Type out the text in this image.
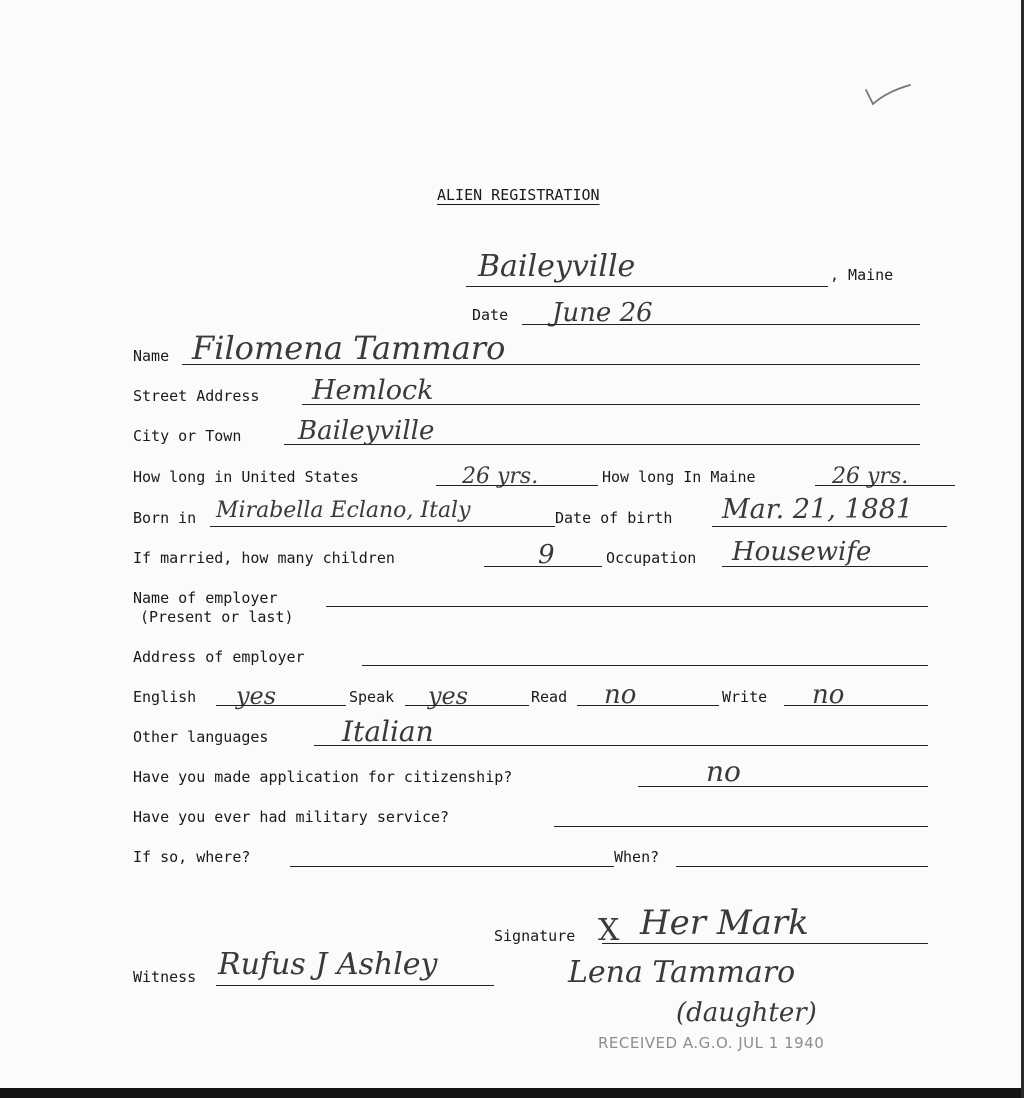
ALIEN REGISTRATION
Baileyville	, Maine
Date June 26
Name Filomena Tammaro
Street Address Hemlock
City or Town Baileyville
How long in United States	26 yrs.	How long In Maine	26 yrs.
Born in Mirabella Eclano, Italy	Date of birth Mar. 21, 1881
If married, how many children	9	Occupation Housewife
Name of employer
(Present or last)
Address of employer
English yes	Speak yes	Read no	Write no
Other languages	Italian
Have you made application for citizenship?	no
Have you ever had military service?
If so, where?	When?
Signature X Her Mark
Witness Rufus J Ashley	Lena Tammaro
(daughter)
RECEIVED A.G.O. JUL 1 1940
